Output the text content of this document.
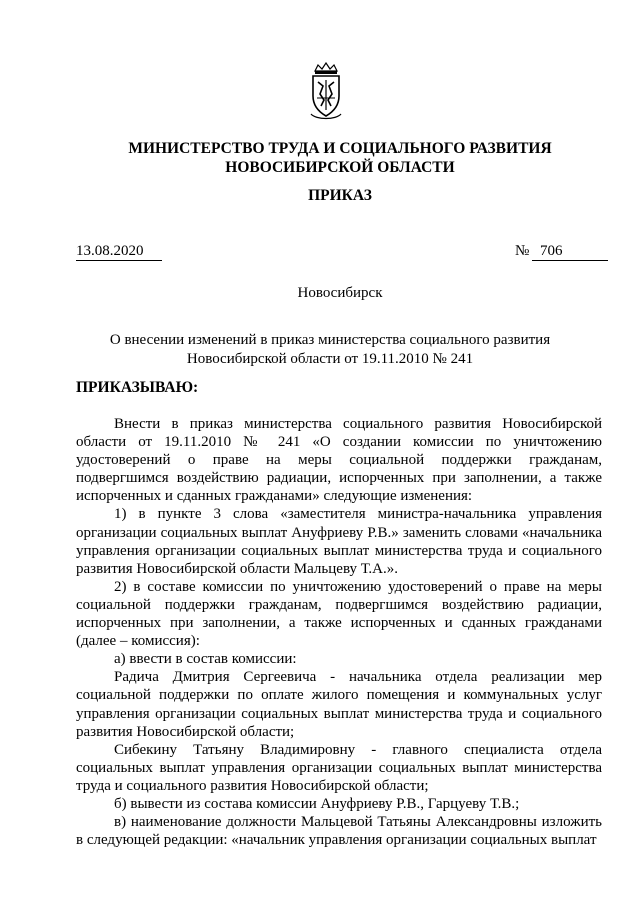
МИНИСТЕРСТВО ТРУДА И СОЦИАЛЬНОГО РАЗВИТИЯ
НОВОСИБИРСКОЙ ОБЛАСТИ
ПРИКАЗ
13.08.2020	№ 706
Новосибирск
О внесении изменений в приказ министерства социального развития
Новосибирской области от 19.11.2010 № 241
ПРИКАЗЫВАЮ:

Внести в приказ министерства социального развития Новосибирской области от 19.11.2010 № 241 «О создании комиссии по уничтожению удостоверений о праве на меры социальной поддержки гражданам, подвергшимся воздействию радиации, испорченных при заполнении, а также испорченных и сданных гражданами» следующие изменения:

1) в пункте 3 слова «заместителя министра-начальника управления организации социальных выплат Ануфриеву Р.В.» заменить словами «начальника управления организации социальных выплат министерства труда и социального развития Новосибирской области Мальцеву Т.А.».

2) в составе комиссии по уничтожению удостоверений о праве на меры социальной поддержки гражданам, подвергшимся воздействию радиации, испорченных при заполнении, а также испорченных и сданных гражданами (далее – комиссия):

а) ввести в состав комиссии:

Радича Дмитрия Сергеевича - начальника отдела реализации мер социальной поддержки по оплате жилого помещения и коммунальных услуг управления организации социальных выплат министерства труда и социального развития Новосибирской области;

Сибекину Татьяну Владимировну - главного специалиста отдела социальных выплат управления организации социальных выплат министерства труда и социального развития Новосибирской области;

б) вывести из состава комиссии Ануфриеву Р.В., Гарцуеву Т.В.;

в) наименование должности Мальцевой Татьяны Александровны изложить в следующей редакции: «начальник управления организации социальных выплат
